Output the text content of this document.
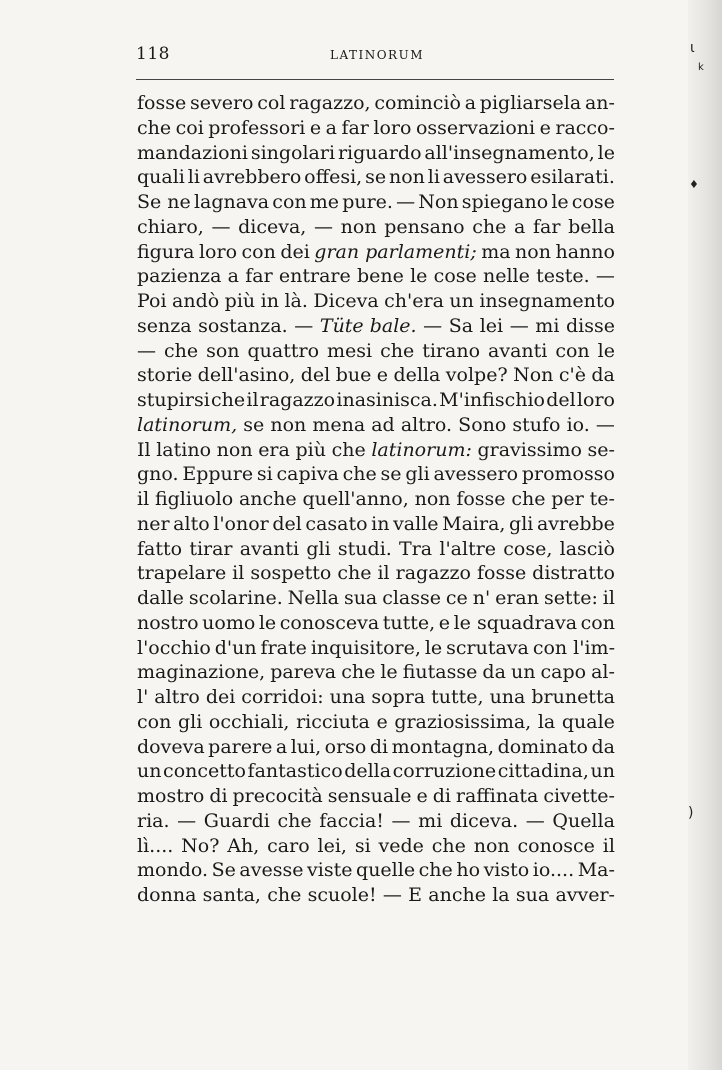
ι
k
♦
)
118	LATINORUM
fosse severo col ragazzo, cominciò a pigliarsela an-
che coi professori e a far loro osservazioni e racco-
mandazioni singolari riguardo all'insegnamento, le
quali li avrebbero offesi, se non li avessero esilarati.
Se ne lagnava con me pure. — Non spiegano le cose
chiaro, — diceva, — non pensano che a far bella
figura loro con dei gran parlamenti; ma non hanno
pazienza a far entrare bene le cose nelle teste. —
Poi andò più in là. Diceva ch'era un insegnamento
senza sostanza. — Tüte bale. — Sa lei — mi disse
— che son quattro mesi che tirano avanti con le
storie dell'asino, del bue e della volpe? Non c'è da
stupirsi che il ragazzo inasinisca. M'infischio del loro
latinorum, se non mena ad altro. Sono stufo io. —
Il latino non era più che latinorum: gravissimo se-
gno. Eppure si capiva che se gli avessero promosso
il figliuolo anche quell'anno, non fosse che per te-
ner alto l'onor del casato in valle Maira, gli avrebbe
fatto tirar avanti gli studi. Tra l'altre cose, lasciò
trapelare il sospetto che il ragazzo fosse distratto
dalle scolarine. Nella sua classe ce n' eran sette: il
nostro uomo le conosceva tutte, e le squadrava con
l'occhio d'un frate inquisitore, le scrutava con l'im-
maginazione, pareva che le fiutasse da un capo al-
l' altro dei corridoi: una sopra tutte, una brunetta
con gli occhiali, ricciuta e graziosissima, la quale
doveva parere a lui, orso di montagna, dominato da
un concetto fantastico della corruzione cittadina, un
mostro di precocità sensuale e di raffinata civette-
ria. — Guardi che faccia! — mi diceva. — Quella
lì.... No? Ah, caro lei, si vede che non conosce il
mondo. Se avesse viste quelle che ho visto io.... Ma-
donna santa, che scuole! — E anche la sua avver-
